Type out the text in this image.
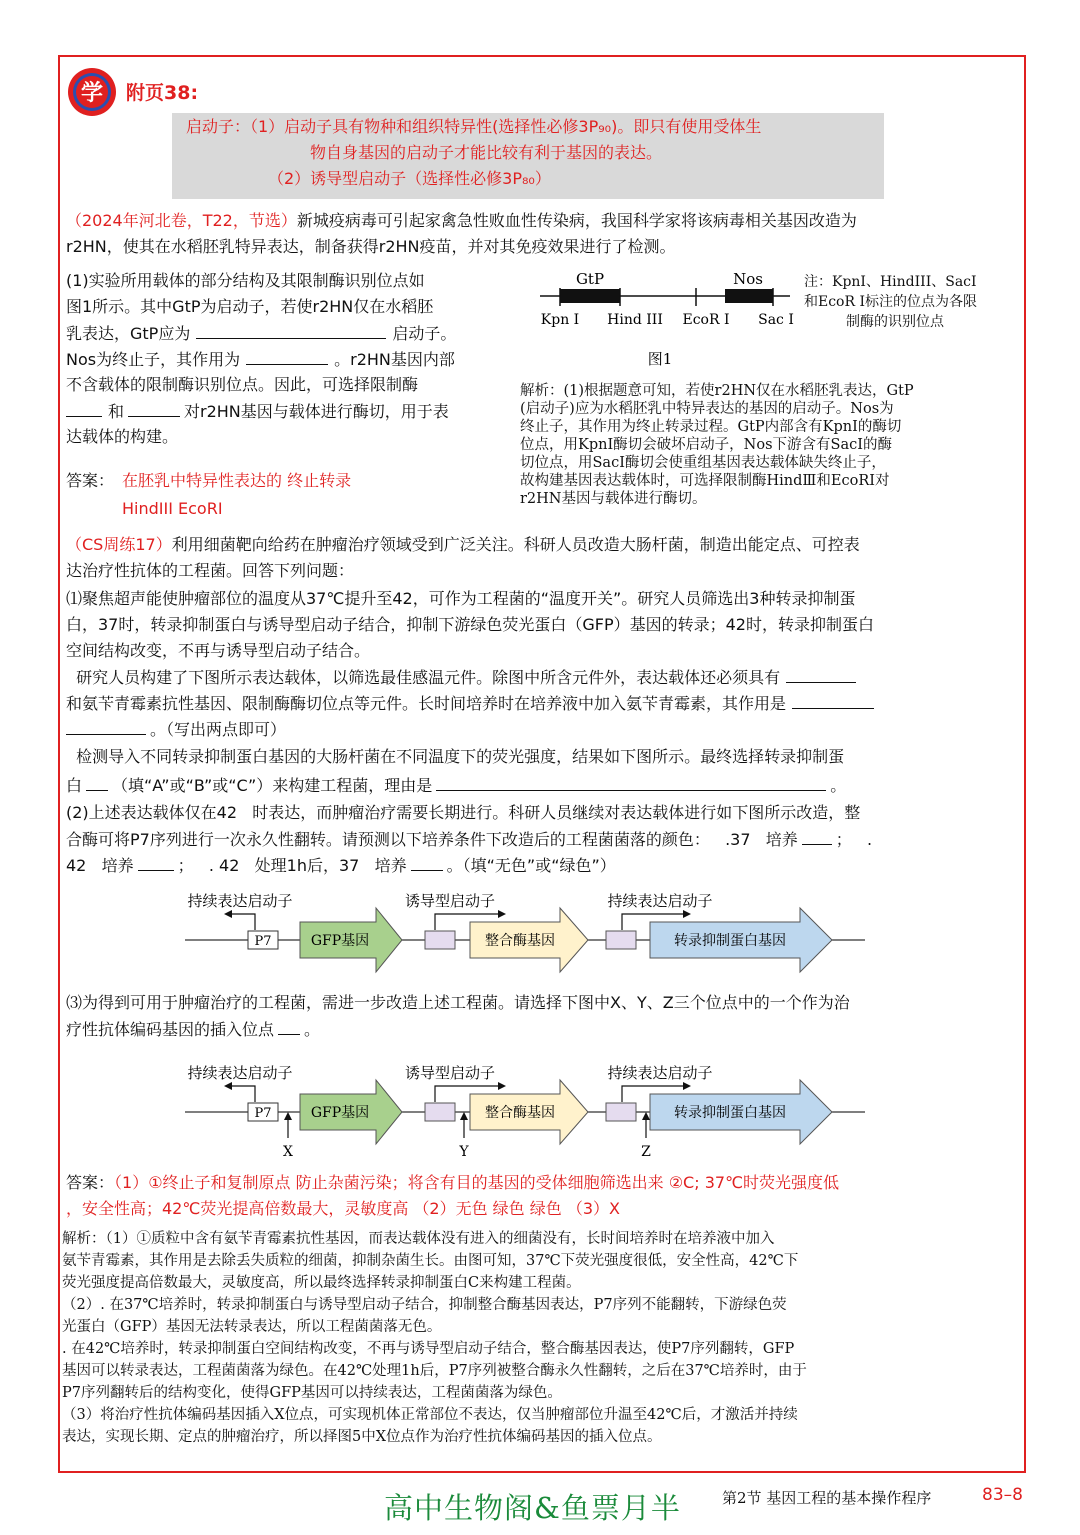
学 附页38:
启动子：（1）启动子具有物种和组织特异性(选择性必修3P₉₀)。即只有使用受体生
物自身基因的启动子才能比较有利于基因的表达。
（2）诱导型启动子（选择性必修3P₈₀）
（2024年河北卷，T22，节选）新城疫病毒可引起家禽急性败血性传染病，我国科学家将该病毒相关基因改造为
r2HN，使其在水稻胚乳特异表达，制备获得r2HN疫苗，并对其免疫效果进行了检测。
(1)实验所用载体的部分结构及其限制酶识别位点如
图1所示。其中GtP为启动子，若使r2HN仅在水稻胚
乳表达，GtP应为	启动子。
Nos为终止子，其作用为	。r2HN基因内部
不含载体的限制酶识别位点。因此，可选择限制酶
和	对r2HN基因与载体进行酶切，用于表
达载体的构建。
答案： 在胚乳中特异性表达的 终止转录
HindIII EcoRI
GtP	Nos
Kpn I Hind III EcoR I Sac I
图1
注：KpnI、HindIII、SacI
和EcoR I标注的位点为各限
制酶的识别位点
解析：(1)根据题意可知，若使r2HN仅在水稻胚乳表达，GtP
(启动子)应为水稻胚乳中特异表达的基因的启动子。Nos为
终止子，其作用为终止转录过程。GtP内部含有KpnⅠ的酶切
位点，用KpnⅠ酶切会破坏启动子，Nos下游含有SacⅠ的酶
切位点，用SacⅠ酶切会使重组基因表达载体缺失终止子，
故构建基因表达载体时，可选择限制酶HindⅢ和EcoRⅠ对
r2HN基因与载体进行酶切。
（CS周练17）利用细菌靶向给药在肿瘤治疗领域受到广泛关注。科研人员改造大肠杆菌，制造出能定点、可控表
达治疗性抗体的工程菌。回答下列问题：
⑴聚焦超声能使肿瘤部位的温度从37℃提升至42，可作为工程菌的“温度开关”。研究人员筛选出3种转录抑制蛋
白，37时，转录抑制蛋白与诱导型启动子结合，抑制下游绿色荧光蛋白（GFP）基因的转录；42时，转录抑制蛋白
空间结构改变，不再与诱导型启动子结合。
研究人员构建了下图所示表达载体，以筛选最佳感温元件。除图中所含元件外，表达载体还必须具有
和氨苄青霉素抗性基因、限制酶酶切位点等元件。长时间培养时在培养液中加入氨苄青霉素，其作用是
。（写出两点即可）
检测导入不同转录抑制蛋白基因的大肠杆菌在不同温度下的荧光强度，结果如下图所示。最终选择转录抑制蛋
白 （填“A”或“B”或“C”）来构建工程菌，理由是	。
(2)上述表达载体仅在42   时表达，而肿瘤治疗需要长期进行。科研人员继续对表达载体进行如下图所示改造，整
合酶可将P7序列进行一次永久性翻转。请预测以下培养条件下改造后的工程菌菌落的颜色：   .37   培养 ；   .
42   培养	；   . 42   处理1h后，37   培养	。（填“无色”或“绿色”）
P7
持续表达启动子
GFP基因
诱导型启动子
整合酶基因
持续表达启动子
转录抑制蛋白基因
⑶为得到可用于肿瘤治疗的工程菌，需进一步改造上述工程菌。请选择下图中X、Y、Z三个位点中的一个作为治
疗性抗体编码基因的插入位点 。
P7
持续表达启动子
GFP基因
诱导型启动子
整合酶基因
持续表达启动子
转录抑制蛋白基因
X	Y	Z
答案：（1）①终止子和复制原点 防止杂菌污染；将含有目的基因的受体细胞筛选出来 ②C; 37℃时荧光强度低
，安全性高；42℃荧光提高倍数最大，灵敏度高 （2）无色 绿色 绿色 （3）X
解析：（1）①质粒中含有氨苄青霉素抗性基因，而表达载体没有进入的细菌没有，长时间培养时在培养液中加入
氨苄青霉素，其作用是去除丢失质粒的细菌，抑制杂菌生长。由图可知，37℃下荧光强度很低，安全性高，42℃下
荧光强度提高倍数最大，灵敏度高，所以最终选择转录抑制蛋白C来构建工程菌。
（2）. 在37℃培养时，转录抑制蛋白与诱导型启动子结合，抑制整合酶基因表达，P7序列不能翻转，下游绿色荧
光蛋白（GFP）基因无法转录表达，所以工程菌菌落无色。
. 在42℃培养时，转录抑制蛋白空间结构改变，不再与诱导型启动子结合，整合酶基因表达，使P7序列翻转，GFP
基因可以转录表达，工程菌菌落为绿色。在42℃处理1h后，P7序列被整合酶永久性翻转，之后在37℃培养时，由于
P7序列翻转后的结构变化，使得GFP基因可以持续表达，工程菌菌落为绿色。
（3）将治疗性抗体编码基因插入X位点，可实现机体正常部位不表达，仅当肿瘤部位升温至42℃后，才激活并持续
表达，实现长期、定点的肿瘤治疗，所以择图5中X位点作为治疗性抗体编码基因的插入位点。
高中生物阁&鱼票月半	第2节 基因工程的基本操作程序	83–8
